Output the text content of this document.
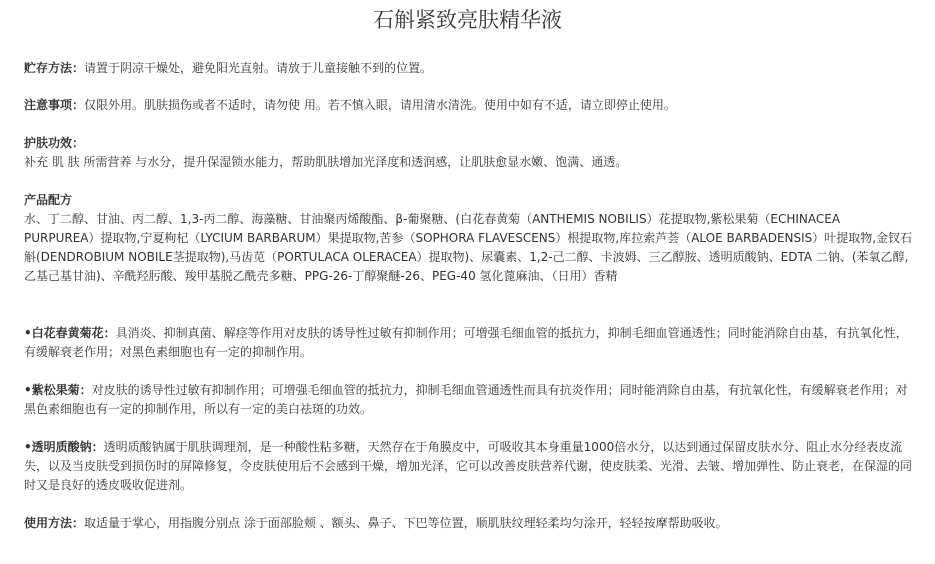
石斛紧致亮肤精华液

贮存方法：请置于阴凉干燥处，避免阳光直射。请放于儿童接触不到的位置。

注意事项：仅限外用。肌肤损伤或者不适时，请勿使 用。若不慎入眼，请用清水清洗。使用中如有不适，请立即停止使用。

护肤功效：
补充 肌 肤 所需营养 与水分，提升保湿锁水能力，帮助肌肤增加光泽度和透润感，让肌肤愈显水嫩、饱满、通透。

产品配方
水、丁二醇、甘油、丙二醇、1,3-丙二醇、海藻糖、甘油聚丙烯酸酯、β-葡聚糖、(白花春黄菊（ANTHEMIS NOBILIS）花提取物,紫松果菊（ECHINACEA PURPUREA）提取物,宁夏枸杞（LYCIUM BARBARUM）果提取物,苦参（SOPHORA FLAVESCENS）根提取物,库拉索芦荟（ALOE BARBADENSIS）叶提取物,金钗石斛(DENDROBIUM NOBILE茎提取物),马齿苋（PORTULACA OLERACEA）提取物)、尿囊素、1,2-己二醇、卡波姆、三乙醇胺、透明质酸钠、EDTA 二钠、(苯氧乙醇,乙基己基甘油)、辛酰羟肟酸、羧甲基脱乙酰壳多糖、PPG-26-丁醇聚醚-26、PEG-40 氢化蓖麻油、（日用）香精

•白花春黄菊花：具消炎、抑制真菌、解痉等作用对皮肤的诱导性过敏有抑制作用；可增强毛细血管的抵抗力，抑制毛细血管通透性；同时能消除自由基，有抗氧化性，有缓解衰老作用；对黑色素细胞也有一定的抑制作用。

•紫松果菊：对皮肤的诱导性过敏有抑制作用；可增强毛细血管的抵抗力，抑制毛细血管通透性而具有抗炎作用；同时能消除自由基，有抗氧化性，有缓解衰老作用；对黑色素细胞也有一定的抑制作用，所以有一定的美白祛斑的功效。

•透明质酸钠：透明质酸钠属于肌肤调理剂，是一种酸性粘多糖，天然存在于角膜皮中，可吸收其本身重量1000倍水分，以达到通过保留皮肤水分、阻止水分经表皮流失，以及当皮肤受到损伤时的屏障修复，令皮肤使用后不会感到干燥，增加光泽，它可以改善皮肤营养代谢，使皮肤柔、光滑、去皱、增加弹性、防止衰老，在保湿的同时又是良好的透皮吸收促进剂。

使用方法：取适量于掌心，用指腹分别点 涂于面部脸颊 、额头、鼻子、下巴等位置，顺肌肤纹理轻柔均匀涂开，轻轻按摩帮助吸收。
